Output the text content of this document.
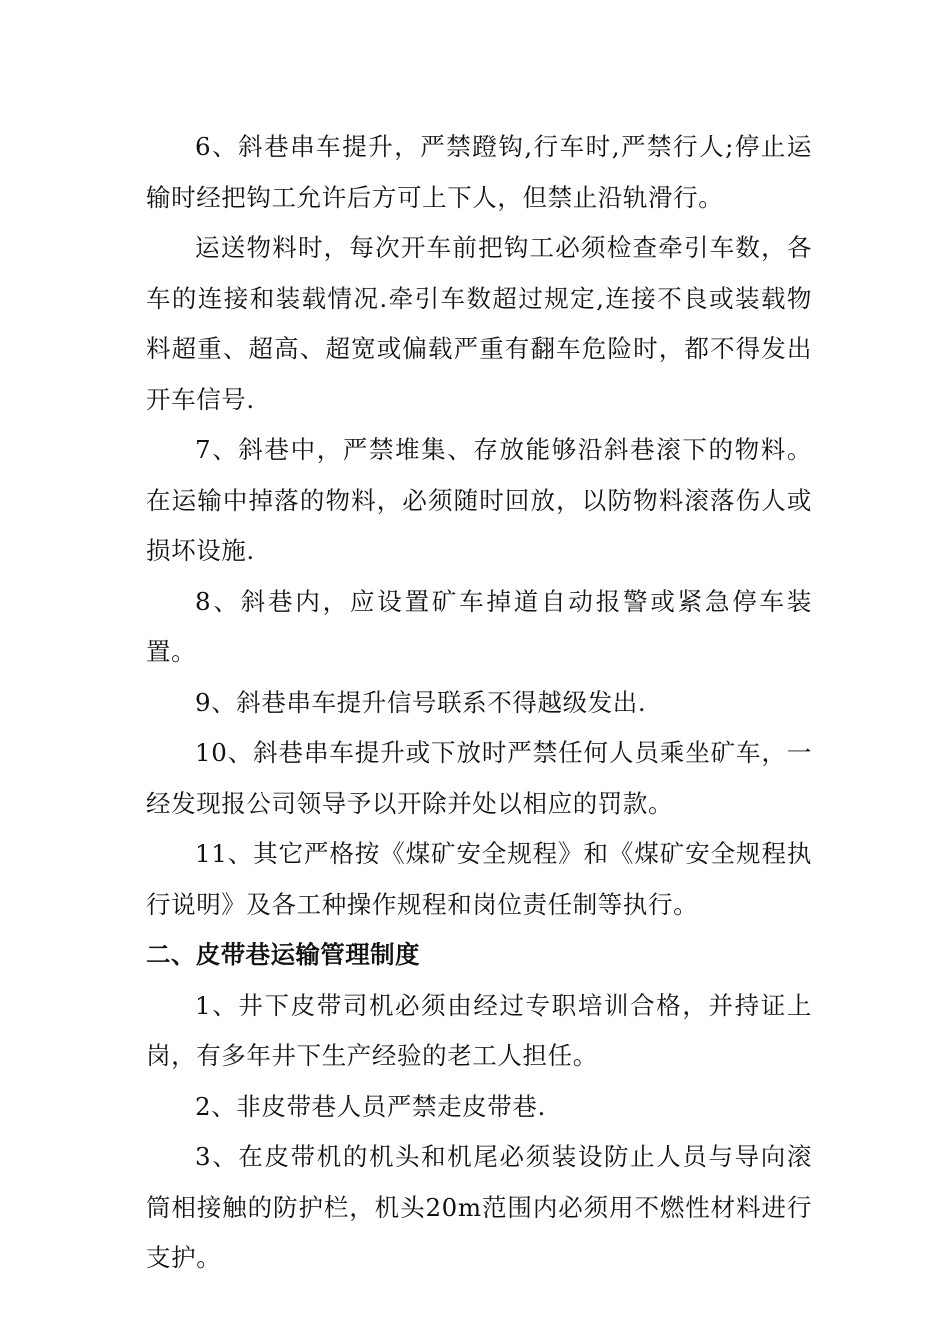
6、斜巷串车提升，严禁蹬钩,行车时,严禁行人;停止运输时经把钩工允许后方可上下人，但禁止沿轨滑行。

运送物料时，每次开车前把钩工必须检查牵引车数，各车的连接和装载情况.牵引车数超过规定,连接不良或装载物料超重、超高、超宽或偏载严重有翻车危险时，都不得发出开车信号.

7、斜巷中，严禁堆集、存放能够沿斜巷滚下的物料。在运输中掉落的物料，必须随时回放，以防物料滚落伤人或损坏设施.

8、斜巷内，应设置矿车掉道自动报警或紧急停车装置。

9、斜巷串车提升信号联系不得越级发出.

10、斜巷串车提升或下放时严禁任何人员乘坐矿车，一经发现报公司领导予以开除并处以相应的罚款。

11、其它严格按《煤矿安全规程》和《煤矿安全规程执行说明》及各工种操作规程和岗位责任制等执行。

二、皮带巷运输管理制度

1、井下皮带司机必须由经过专职培训合格，并持证上岗，有多年井下生产经验的老工人担任。

2、非皮带巷人员严禁走皮带巷.

3、在皮带机的机头和机尾必须装设防止人员与导向滚筒相接触的防护栏，机头20m范围内必须用不燃性材料进行支护。
